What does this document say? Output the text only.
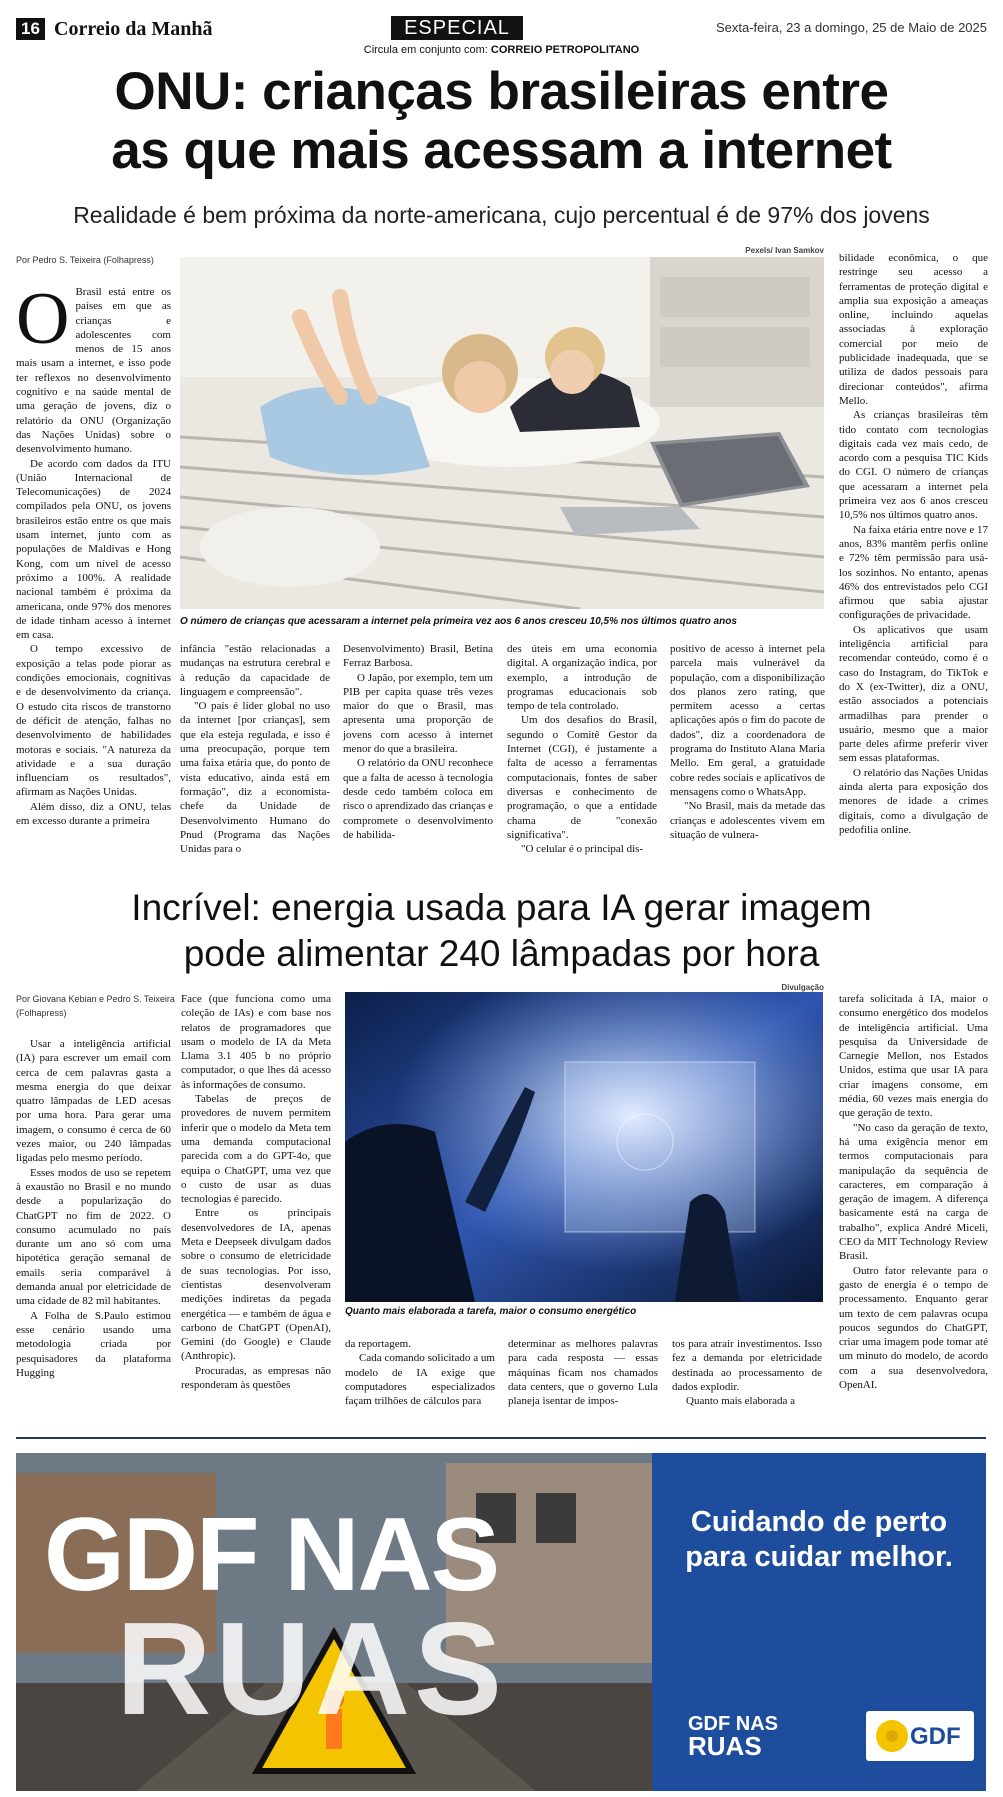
16 Correio da Manhã	ESPECIAL	Sexta-feira, 23 a domingo, 25 de Maio de 2025
Circula em conjunto com: CORREIO PETROPOLITANO
ONU: crianças brasileiras entre
as que mais acessam a internet
Realidade é bem próxima da norte-americana, cujo percentual é de 97% dos jovens
Por Pedro S. Teixeira (Folhapress)
Pexels/ Ivan Samkov
O número de crianças que acessaram a internet pela primeira vez aos 6 anos cresceu 10,5% nos últimos quatro anos
O Brasil está entre os países em que as crianças e adolescentes com menos de 15 anos mais usam a internet, e isso pode ter reflexos no desenvolvimento cognitivo e na saúde mental de uma geração de jovens, diz o relatório da ONU (Organização das Nações Unidas) sobre o desenvolvimento humano.

De acordo com dados da ITU (União Internacional de Telecomunicações) de 2024 compilados pela ONU, os jovens brasileiros estão entre os que mais usam internet, junto com as populações de Maldivas e Hong Kong, com um nível de acesso próximo a 100%. A realidade nacional também é próxima da americana, onde 97% dos menores de idade tinham acesso à internet em casa.

O tempo excessivo de exposição a telas pode piorar as condições emocionais, cognitivas e de desenvolvimento da criança. O estudo cita riscos de transtorno de déficit de atenção, falhas no desenvolvimento de habilidades motoras e sociais. "A natureza da atividade e a sua duração influenciam os resultados", afirmam as Nações Unidas.

Além disso, diz a ONU, telas em excesso durante a primeira

infância "estão relacionadas a mudanças na estrutura cerebral e à redução da capacidade de linguagem e compreensão".

"O país é líder global no uso da internet [por crianças], sem que ela esteja regulada, e isso é uma preocupação, porque tem uma faixa etária que, do ponto de vista educativo, ainda está em formação", diz a economista-chefe da Unidade de Desenvolvimento Humano do Pnud (Programa das Nações Unidas para o

Desenvolvimento) Brasil, Betina Ferraz Barbosa.

O Japão, por exemplo, tem um PIB per capita quase três vezes maior do que o Brasil, mas apresenta uma proporção de jovens com acesso à internet menor do que a brasileira.

O relatório da ONU reconhece que a falta de acesso à tecnologia desde cedo também coloca em risco o aprendizado das crianças e compromete o desenvolvimento de habilida-

des úteis em uma economia digital. A organização indica, por exemplo, a introdução de programas educacionais sob tempo de tela controlado.

Um dos desafios do Brasil, segundo o Comitê Gestor da Internet (CGI), é justamente a falta de acesso a ferramentas computacionais, fontes de saber diversas e conhecimento de programação, o que a entidade chama de "conexão significativa".

"O celular é o principal dis-

positivo de acesso à internet pela parcela mais vulnerável da população, com a disponibilização dos planos zero rating, que permitem acesso a certas aplicações após o fim do pacote de dados", diz a coordenadora de programa do Instituto Alana Maria Mello. Em geral, a gratuidade cobre redes sociais e aplicativos de mensagens como o WhatsApp.

"No Brasil, mais da metade das crianças e adolescentes vivem em situação de vulnera-

bilidade econômica, o que restringe seu acesso a ferramentas de proteção digital e amplia sua exposição a ameaças online, incluindo aquelas associadas à exploração comercial por meio de publicidade inadequada, que se utiliza de dados pessoais para direcionar conteúdos", afirma Mello.

As crianças brasileiras têm tido contato com tecnologias digitais cada vez mais cedo, de acordo com a pesquisa TIC Kids do CGI. O número de crianças que acessaram a internet pela primeira vez aos 6 anos cresceu 10,5% nos últimos quatro anos.

Na faixa etária entre nove e 17 anos, 83% mantêm perfis online e 72% têm permissão para usá-los sozinhos. No entanto, apenas 46% dos entrevistados pelo CGI afirmou que sabia ajustar configurações de privacidade.

Os aplicativos que usam inteligência artificial para recomendar conteúdo, como é o caso do Instagram, do TikTok e do X (ex-Twitter), diz a ONU, estão associados a potenciais armadilhas para prender o usuário, mesmo que a maior parte deles afirme preferir viver sem essas plataformas.

O relatório das Nações Unidas ainda alerta para exposição dos menores de idade a crimes digitais, como a divulgação de pedofilia online.

Incrível: energia usada para IA gerar imagem
pode alimentar 240 lâmpadas por hora
Por Giovana Kebian e Pedro S. Teixeira (Folhapress)
Divulgação
Quanto mais elaborada a tarefa, maior o consumo energético

Usar a inteligência artificial (IA) para escrever um email com cerca de cem palavras gasta a mesma energia do que deixar quatro lâmpadas de LED acesas por uma hora. Para gerar uma imagem, o consumo é cerca de 60 vezes maior, ou 240 lâmpadas ligadas pelo mesmo período.

Esses modos de uso se repetem à exaustão no Brasil e no mundo desde a popularização do ChatGPT no fim de 2022. O consumo acumulado no país durante um ano só com uma hipotética geração semanal de emails seria comparável à demanda anual por eletricidade de uma cidade de 82 mil habitantes.

A Folha de S.Paulo estimou esse cenário usando uma metodologia criada por pesquisadores da plataforma Hugging

Face (que funciona como uma coleção de IAs) e com base nos relatos de programadores que usam o modelo de IA da Meta Llama 3.1 405 b no próprio computador, o que lhes dá acesso às informações de consumo.

Tabelas de preços de provedores de nuvem permitem inferir que o modelo da Meta tem uma demanda computacional parecida com a do GPT-4o, que equipa o ChatGPT, uma vez que o custo de usar as duas tecnologias é parecido.

Entre os principais desenvolvedores de IA, apenas Meta e Deepseek divulgam dados sobre o consumo de eletricidade de suas tecnologias. Por isso, cientistas desenvolveram medições indiretas da pegada energética — e também de água e carbono de ChatGPT (OpenAI), Gemini (do Google) e Claude (Anthropic).

Procuradas, as empresas não responderam às questões

da reportagem.

Cada comando solicitado a um modelo de IA exige que computadores especializados façam trilhões de cálculos para

determinar as melhores palavras para cada resposta — essas máquinas ficam nos chamados data centers, que o governo Lula planeja isentar de impos-

tos para atrair investimentos. Isso fez a demanda por eletricidade destinada ao processamento de dados explodir.

Quanto mais elaborada a

tarefa solicitada à IA, maior o consumo energético dos modelos de inteligência artificial. Uma pesquisa da Universidade de Carnegie Mellon, nos Estados Unidos, estima que usar IA para criar imagens consome, em média, 60 vezes mais energia do que geração de texto.

"No caso da geração de texto, há uma exigência menor em termos computacionais para manipulação da sequência de caracteres, em comparação à geração de imagem. A diferença basicamente está na carga de trabalho", explica André Miceli, CEO da MIT Technology Review Brasil.

Outro fator relevante para o gasto de energia é o tempo de processamento. Enquanto gerar um texto de cem palavras ocupa poucos segundos do ChatGPT, criar uma imagem pode tomar até um minuto do modelo, de acordo com a sua desenvolvedora, OpenAI.

GDF NAS
RUAS
Cuidando de perto para cuidar melhor.
GDF NAS
RUAS	GDF
